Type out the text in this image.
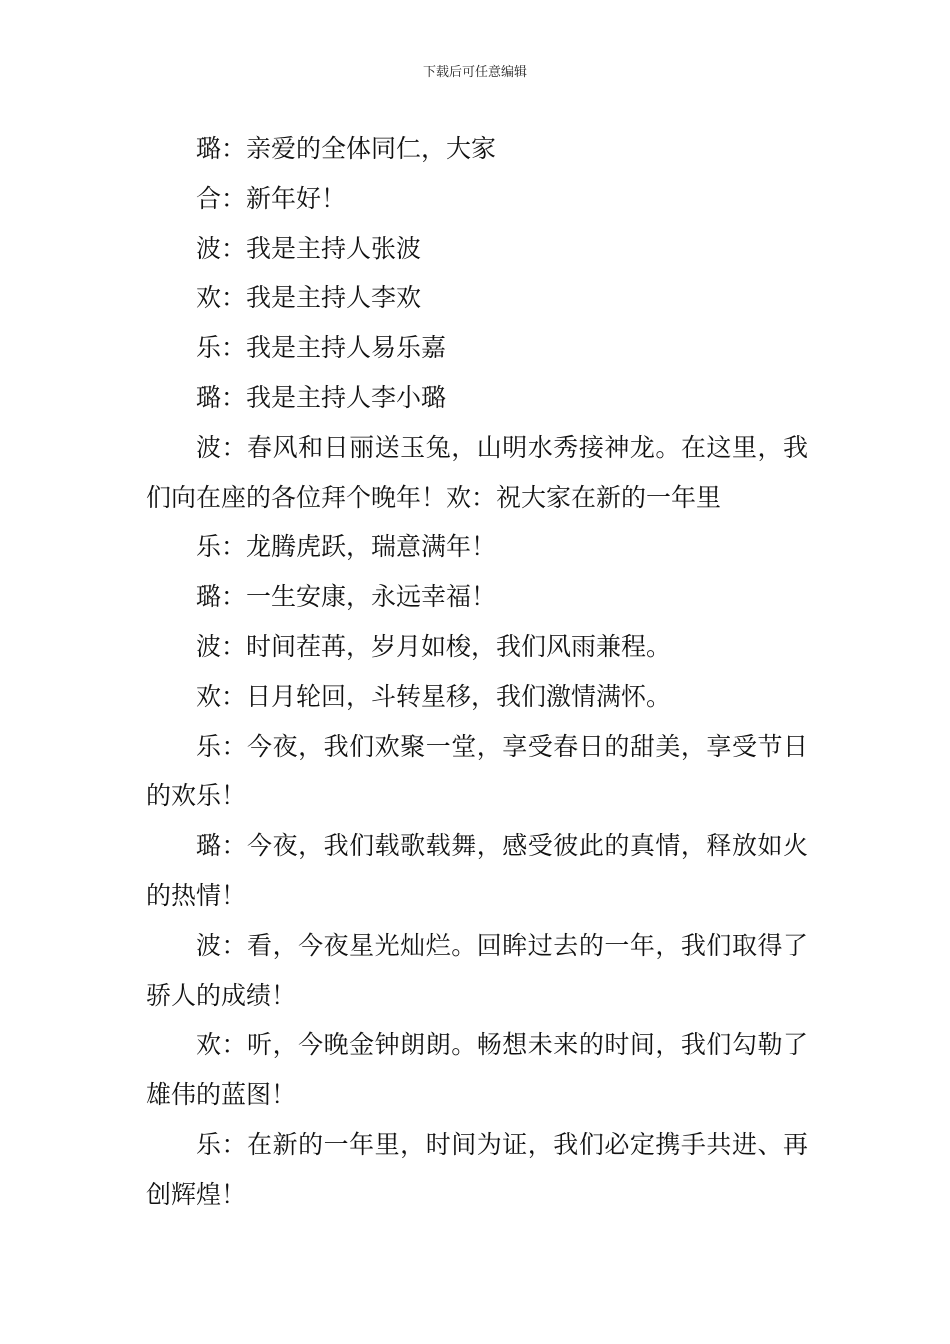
下载后可任意编辑

璐：亲爱的全体同仁，大家

合：新年好！

波：我是主持人张波

欢：我是主持人李欢

乐：我是主持人易乐嘉

璐：我是主持人李小璐

波：春风和日丽送玉兔，山明水秀接神龙。在这里，我们向在座的各位拜个晚年！欢：祝大家在新的一年里

乐：龙腾虎跃，瑞意满年！

璐：一生安康，永远幸福！

波：时间茬苒，岁月如梭，我们风雨兼程。

欢：日月轮回，斗转星移，我们激情满怀。

乐：今夜，我们欢聚一堂，享受春日的甜美，享受节日的欢乐！

璐：今夜，我们载歌载舞，感受彼此的真情，释放如火的热情！

波：看，今夜星光灿烂。回眸过去的一年，我们取得了骄人的成绩！

欢：听，今晚金钟朗朗。畅想未来的时间，我们勾勒了雄伟的蓝图！

乐：在新的一年里，时间为证，我们必定携手共进、再创辉煌！
